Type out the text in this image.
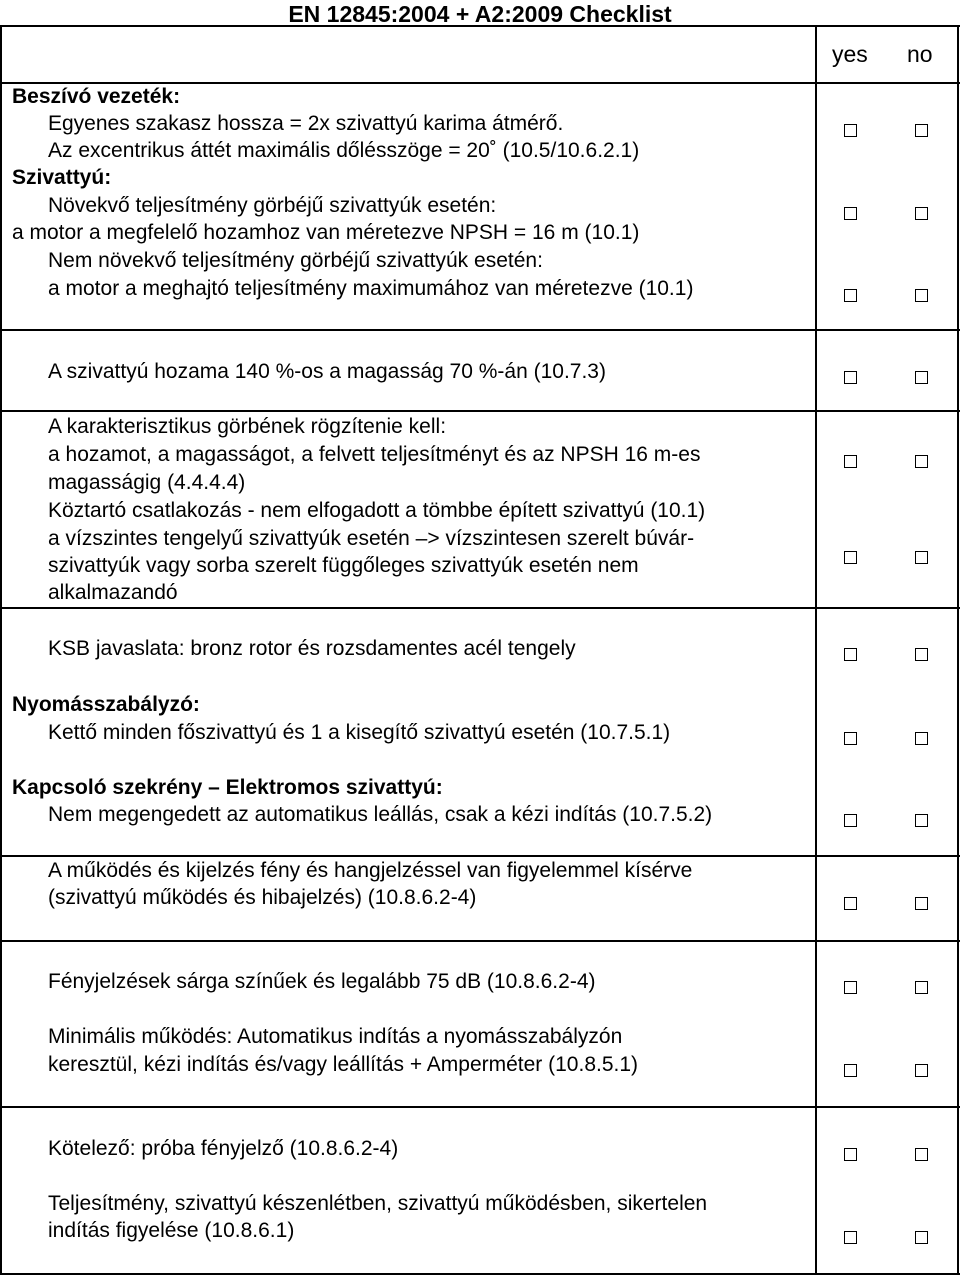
EN 12845:2004 + A2:2009 Checklist
yes no
Beszívó vezeték:
Egyenes szakasz hossza = 2x szivattyú karima átmérő.
Az excentrikus áttét maximális dőlésszöge = 20˚ (10.5/10.6.2.1)
Szivattyú:
Növekvő teljesítmény görbéjű szivattyúk esetén:
a motor a megfelelő hozamhoz van méretezve NPSH = 16 m (10.1)
Nem növekvő teljesítmény görbéjű szivattyúk esetén:
a motor a meghajtó teljesítmény maximumához van méretezve (10.1)
A szivattyú hozama 140 %-os a magasság 70 %-án (10.7.3)
A karakterisztikus görbének rögzítenie kell:
a hozamot, a magasságot, a felvett teljesítményt és az NPSH 16 m-es
magasságig (4.4.4.4)
Köztartó csatlakozás - nem elfogadott a tömbbe épített szivattyú (10.1)
a vízszintes tengelyű szivattyúk esetén –> vízszintesen szerelt búvár-
szivattyúk vagy sorba szerelt függőleges szivattyúk esetén nem
alkalmazandó
KSB javaslata: bronz rotor és rozsdamentes acél tengely
Nyomásszabályzó:
Kettő minden főszivattyú és 1 a kisegítő szivattyú esetén (10.7.5.1)
Kapcsoló szekrény – Elektromos szivattyú:
Nem megengedett az automatikus leállás, csak a kézi indítás (10.7.5.2)
A működés és kijelzés fény és hangjelzéssel van figyelemmel kísérve
(szivattyú működés és hibajelzés) (10.8.6.2-4)
Fényjelzések sárga színűek és legalább 75 dB (10.8.6.2-4)
Minimális működés: Automatikus indítás a nyomásszabályzón
keresztül, kézi indítás és/vagy leállítás + Amperméter (10.8.5.1)
Kötelező: próba fényjelző (10.8.6.2-4)
Teljesítmény, szivattyú készenlétben, szivattyú működésben, sikertelen
indítás figyelése (10.8.6.1)
